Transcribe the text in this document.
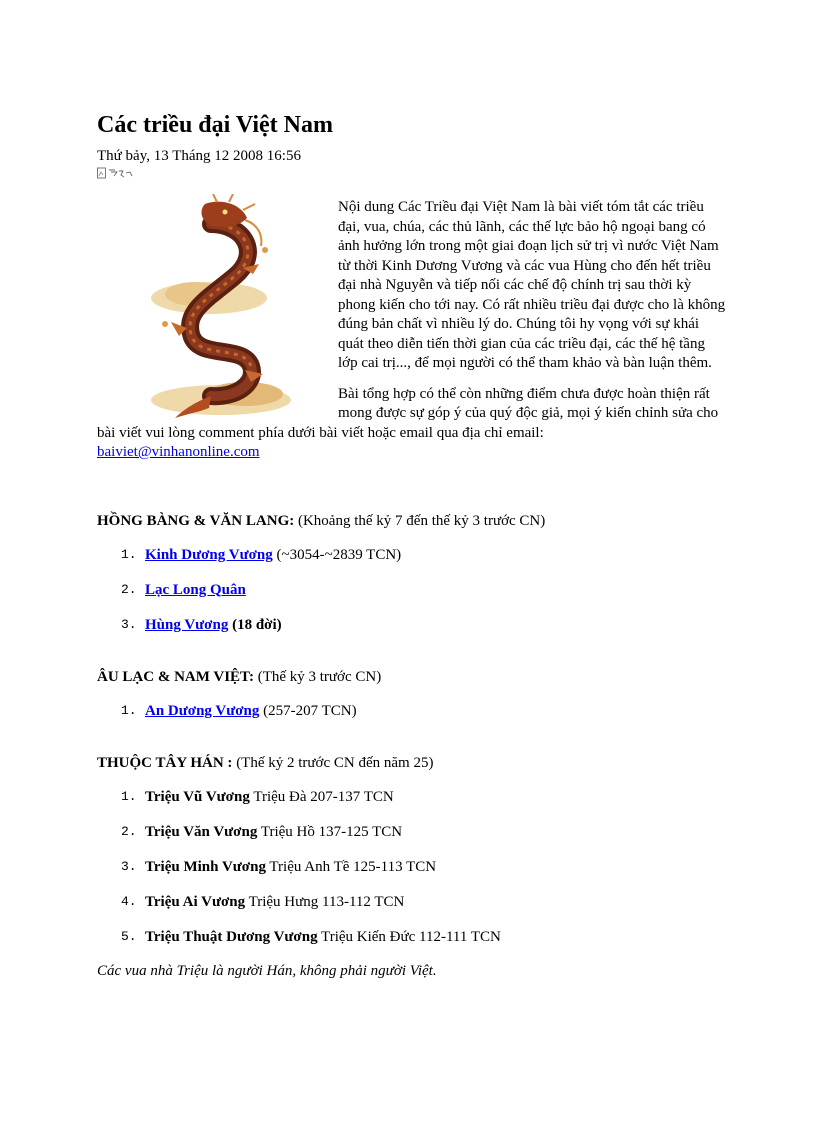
Các triều đại Việt Nam
Thứ bảy, 13 Tháng 12 2008 16:56

Nội dung Các Triều đại Việt Nam là bài viết tóm tắt các triều đại, vua, chúa, các thủ lãnh, các thế lực bảo hộ ngoại bang có ảnh hưởng lớn trong một giai đoạn lịch sử trị vì nước Việt Nam từ thời Kinh Dương Vương và các vua Hùng cho đến hết triều đại nhà Nguyễn và tiếp nối các chế độ chính trị sau thời kỳ phong kiến cho tới nay. Có rất nhiều triều đại được cho là không đúng bản chất vì nhiều lý do. Chúng tôi hy vọng với sự khái quát theo diễn tiến thời gian của các triều đại, các thế hệ tầng lớp cai trị..., để mọi người có thể tham khảo và bàn luận thêm.

Bài tổng hợp có thể còn những điểm chưa được hoàn thiện rất mong được sự góp ý của quý độc giả, mọi ý kiến chỉnh sửa cho bài viết vui lòng comment phía dưới bài viết hoặc email qua địa chỉ email:
baiviet@vinhanonline.com

HỒNG BÀNG & VĂN LANG: (Khoảng thế kỷ 7 đến thế kỷ 3 trước CN)

1. Kinh Dương Vương (~3054-~2839 TCN)
2. Lạc Long Quân
3. Hùng Vương (18 đời)

ÂU LẠC & NAM VIỆT: (Thế kỷ 3 trước CN)

1. An Dương Vương (257-207 TCN)

THUỘC TÂY HÁN : (Thế kỷ 2 trước CN đến năm 25)

1. Triệu Vũ Vương Triệu Đà 207-137 TCN
2. Triệu Văn Vương Triệu Hồ 137-125 TCN
3. Triệu Minh Vương Triệu Anh Tề 125-113 TCN
4. Triệu Ai Vương Triệu Hưng 113-112 TCN
5. Triệu Thuật Dương Vương Triệu Kiến Đức 112-111 TCN

Các vua nhà Triệu là người Hán, không phải người Việt.
